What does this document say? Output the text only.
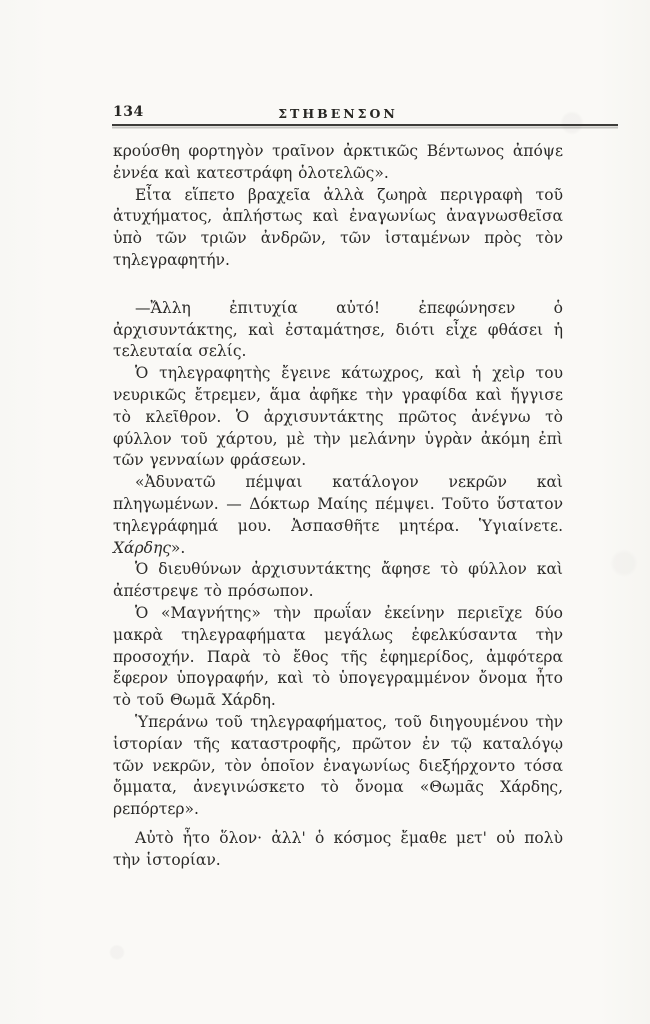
134	ΣΤΗΒΕΝΣΟΝ

κρούσθη φορτηγὸν τραῖνον ἀρκτικῶς Βέντωνος ἀπόψε ἐννέα καὶ κατεστράφη ὁλοτελῶς».

Εἶτα εἵπετο βραχεῖα ἀλλὰ ζωηρὰ περιγραφὴ τοῦ ἀτυχήματος, ἀπλήστως καὶ ἐναγωνίως ἀναγνωσθεῖσα ὑπὸ τῶν τριῶν ἀνδρῶν, τῶν ἱσταμένων πρὸς τὸν τηλεγραφητήν.

—Ἄλλη ἐπιτυχία αὐτό! ἐπεφώνησεν ὁ ἀρχισυντάκτης, καὶ ἐσταμάτησε, διότι εἶχε φθάσει ἡ τελευταία σελίς.

Ὁ τηλεγραφητὴς ἔγεινε κάτωχρος, καὶ ἡ χεὶρ του νευρικῶς ἔτρεμεν, ἅμα ἀφῆκε τὴν γραφίδα καὶ ἤγγισε τὸ κλεῖθρον. Ὁ ἀρχισυντάκτης πρῶτος ἀνέγνω τὸ φύλλον τοῦ χάρτου, μὲ τὴν μελάνην ὑγρὰν ἀκόμη ἐπὶ τῶν γενναίων φράσεων.

«Ἀδυνατῶ πέμψαι κατάλογον νεκρῶν καὶ πληγωμένων. — Δόκτωρ Μαίης πέμψει. Τοῦτο ὕστατον τηλεγράφημά μου. Ἀσπασθῆτε μητέρα. Ὑγιαίνετε. Χάρδης».

Ὁ διευθύνων ἀρχισυντάκτης ἄφησε τὸ φύλλον καὶ ἀπέστρεψε τὸ πρόσωπον.

Ὁ «Μαγνήτης» τὴν πρωΐαν ἐκείνην περιεῖχε δύο μακρὰ τηλεγραφήματα μεγάλως ἐφελκύσαντα τὴν προσοχήν. Παρὰ τὸ ἔθος τῆς ἐφημερίδος, ἀμφότερα ἔφερον ὑπογραφήν, καὶ τὸ ὑπογεγραμμένον ὄνομα ἦτο τὸ τοῦ Θωμᾶ Χάρδη.

Ὑπεράνω τοῦ τηλεγραφήματος, τοῦ διηγουμένου τὴν ἱστορίαν τῆς καταστροφῆς, πρῶτον ἐν τῷ καταλόγῳ τῶν νεκρῶν, τὸν ὁποῖον ἐναγωνίως διεξήρχοντο τόσα ὄμματα, ἀνεγινώσκετο τὸ ὄνομα «Θωμᾶς Χάρδης, ρεπόρτερ».

Αὐτὸ ἦτο ὅλον· ἀλλ' ὁ κόσμος ἔμαθε μετ' οὐ πολὺ τὴν ἱστορίαν.
